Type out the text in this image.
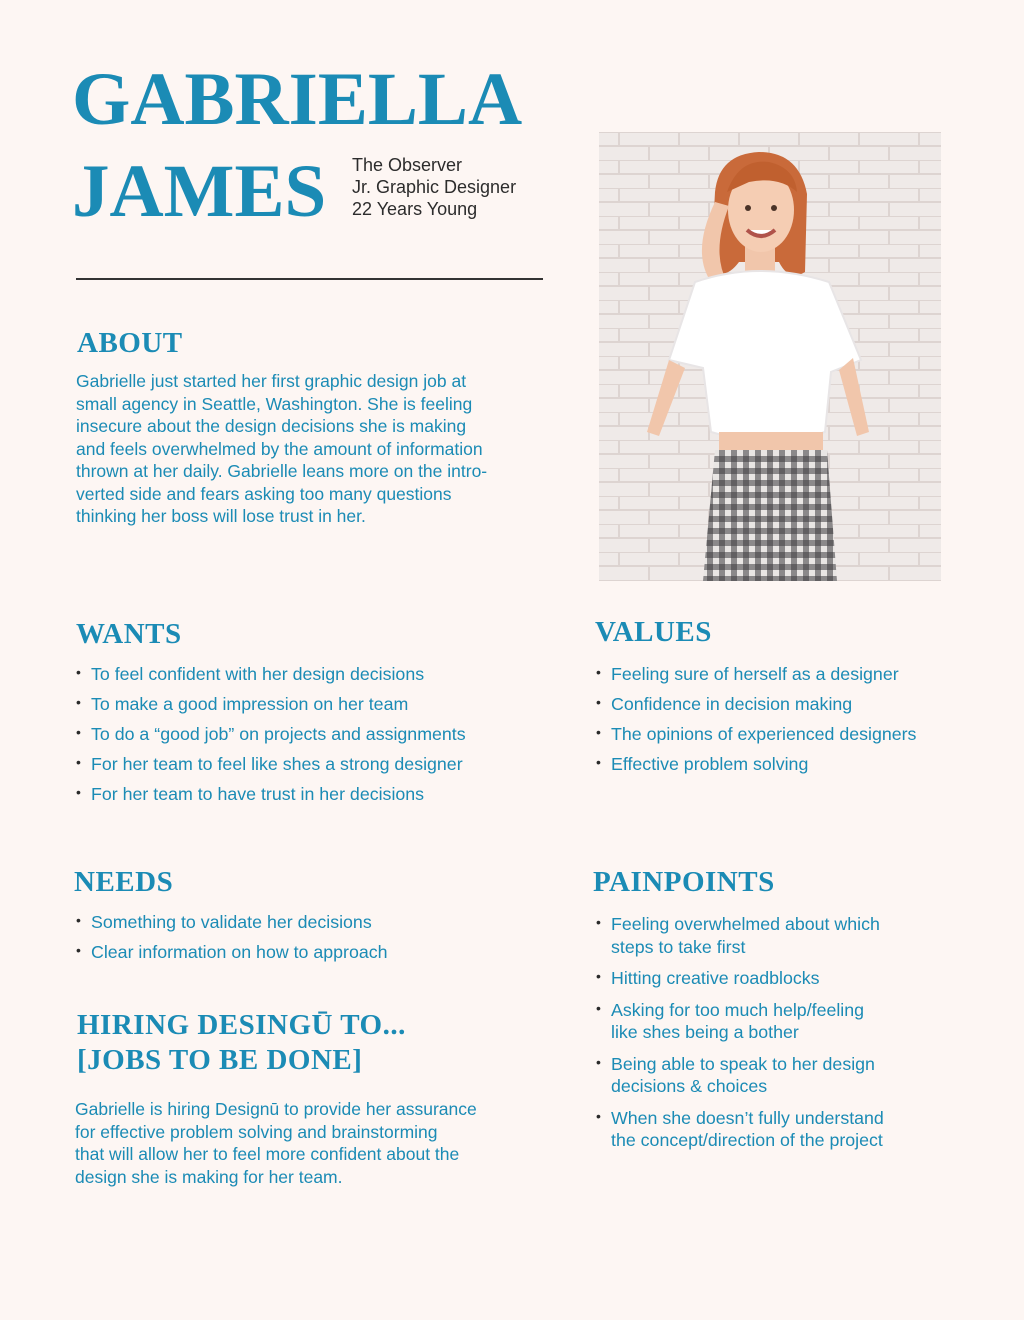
GABRIELLA
JAMES The Observer
Jr. Graphic Designer
22 Years Young
ABOUT
Gabrielle just started her first graphic design job at
small agency in Seattle, Washington. She is feeling
insecure about the design decisions she is making
and feels overwhelmed by the amount of information
thrown at her daily. Gabrielle leans more on the intro-
verted side and fears asking too many questions
thinking her boss will lose trust in her.
WANTS
• To feel confident with her design decisions
• To make a good impression on her team
• To do a “good job” on projects and assignments
• For her team to feel like shes a strong designer
• For her team to have trust in her decisions
VALUES
• Feeling sure of herself as a designer
• Confidence in decision making
• The opinions of experienced designers
• Effective problem solving
NEEDS
• Something to validate her decisions
• Clear information on how to approach
HIRING DESINGŪ TO...
[JOBS TO BE DONE]
Gabrielle is hiring Designū to provide her assurance
for effective problem solving and brainstorming
that will allow her to feel more confident about the
design she is making for her team.
PAINPOINTS
• Feeling overwhelmed about which
steps to take first
• Hitting creative roadblocks
• Asking for too much help/feeling
like shes being a bother
• Being able to speak to her design
decisions & choices
• When she doesn’t fully understand
the concept/direction of the project
